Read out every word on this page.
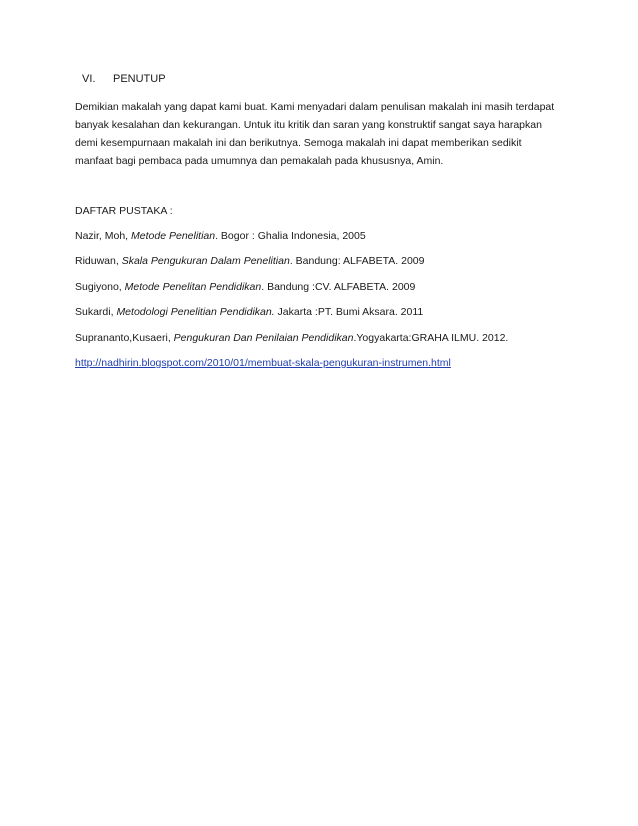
VI. PENUTUP

Demikian makalah yang dapat kami buat. Kami menyadari dalam penulisan makalah ini masih terdapat
banyak kesalahan dan kekurangan. Untuk itu kritik dan saran yang konstruktif sangat saya harapkan
demi kesempurnaan makalah ini dan berikutnya. Semoga makalah ini dapat memberikan sedikit
manfaat bagi pembaca pada umumnya dan pemakalah pada khususnya, Amin.

DAFTAR PUSTAKA :
Nazir, Moh, Metode Penelitian. Bogor : Ghalia Indonesia, 2005
Riduwan, Skala Pengukuran Dalam Penelitian. Bandung: ALFABETA. 2009
Sugiyono, Metode Penelitan Pendidikan. Bandung :CV. ALFABETA. 2009
Sukardi, Metodologi Penelitian Pendidikan. Jakarta :PT. Bumi Aksara. 2011
Suprananto,Kusaeri, Pengukuran Dan Penilaian Pendidikan.Yogyakarta:GRAHA ILMU. 2012.
http://nadhirin.blogspot.com/2010/01/membuat-skala-pengukuran-instrumen.html
